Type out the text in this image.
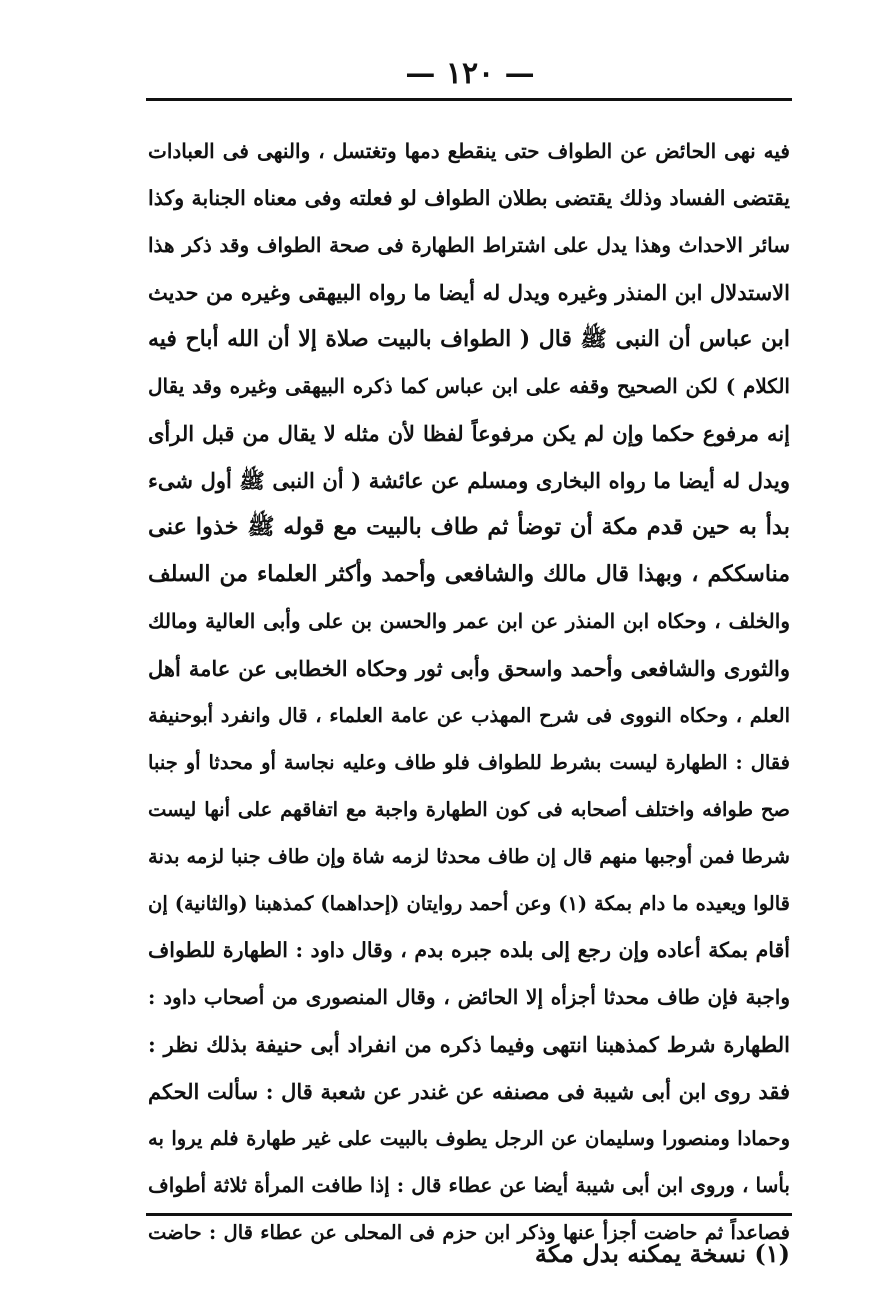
— ١٢٠ —
فيه نهى الحائض عن الطواف حتى ينقطع دمها وتغتسل ، والنهى فى العبادات
يقتضى الفساد وذلك يقتضى بطلان الطواف لو فعلته وفى معناه الجنابة وكذا
سائر الاحداث وهذا يدل على اشتراط الطهارة فى صحة الطواف وقد ذكر هذا
الاستدلال ابن المنذر وغيره ويدل له أيضا ما رواه البيهقى وغيره من حديث
ابن عباس أن النبى ﷺ قال ( الطواف بالبيت صلاة إلا أن الله أباح فيه
الكلام ) لكن الصحيح وقفه على ابن عباس كما ذكره البيهقى وغيره وقد يقال
إنه مرفوع حكما وإن لم يكن مرفوعاً لفظا لأن مثله لا يقال من قبل الرأى
ويدل له أيضا ما رواه البخارى ومسلم عن عائشة ( أن النبى ﷺ أول شىء
بدأ به حين قدم مكة أن توضأ ثم طاف بالبيت مع قوله ﷺ خذوا عنى
مناسككم ، وبهذا قال مالك والشافعى وأحمد وأكثر العلماء من السلف
والخلف ، وحكاه ابن المنذر عن ابن عمر والحسن بن على وأبى العالية ومالك
والثورى والشافعى وأحمد واسحق وأبى ثور وحكاه الخطابى عن عامة أهل
العلم ، وحكاه النووى فى شرح المهذب عن عامة العلماء ، قال وانفرد أبوحنيفة
فقال : الطهارة ليست بشرط للطواف فلو طاف وعليه نجاسة أو محدثا أو جنبا
صح طوافه واختلف أصحابه فى كون الطهارة واجبة مع اتفاقهم على أنها ليست
شرطا فمن أوجبها منهم قال إن طاف محدثا لزمه شاة وإن طاف جنبا لزمه بدنة
قالوا ويعيده ما دام بمكة (١) وعن أحمد روايتان (إحداهما) كمذهبنا (والثانية) إن
أقام بمكة أعاده وإن رجع إلى بلده جبره بدم ، وقال داود : الطهارة للطواف
واجبة فإن طاف محدثا أجزأه إلا الحائض ، وقال المنصورى من أصحاب داود :
الطهارة شرط كمذهبنا انتهى وفيما ذكره من انفراد أبى حنيفة بذلك نظر :
فقد روى ابن أبى شيبة فى مصنفه عن غندر عن شعبة قال : سألت الحكم
وحمادا ومنصورا وسليمان عن الرجل يطوف بالبيت على غير طهارة فلم يروا به
بأسا ، وروى ابن أبى شيبة أيضا عن عطاء قال : إذا طافت المرأة ثلاثة أطواف
فصاعداً ثم حاضت أجزأ عنها وذكر ابن حزم فى المحلى عن عطاء قال : حاضت
(١) نسخة يمكنه بدل مكة
